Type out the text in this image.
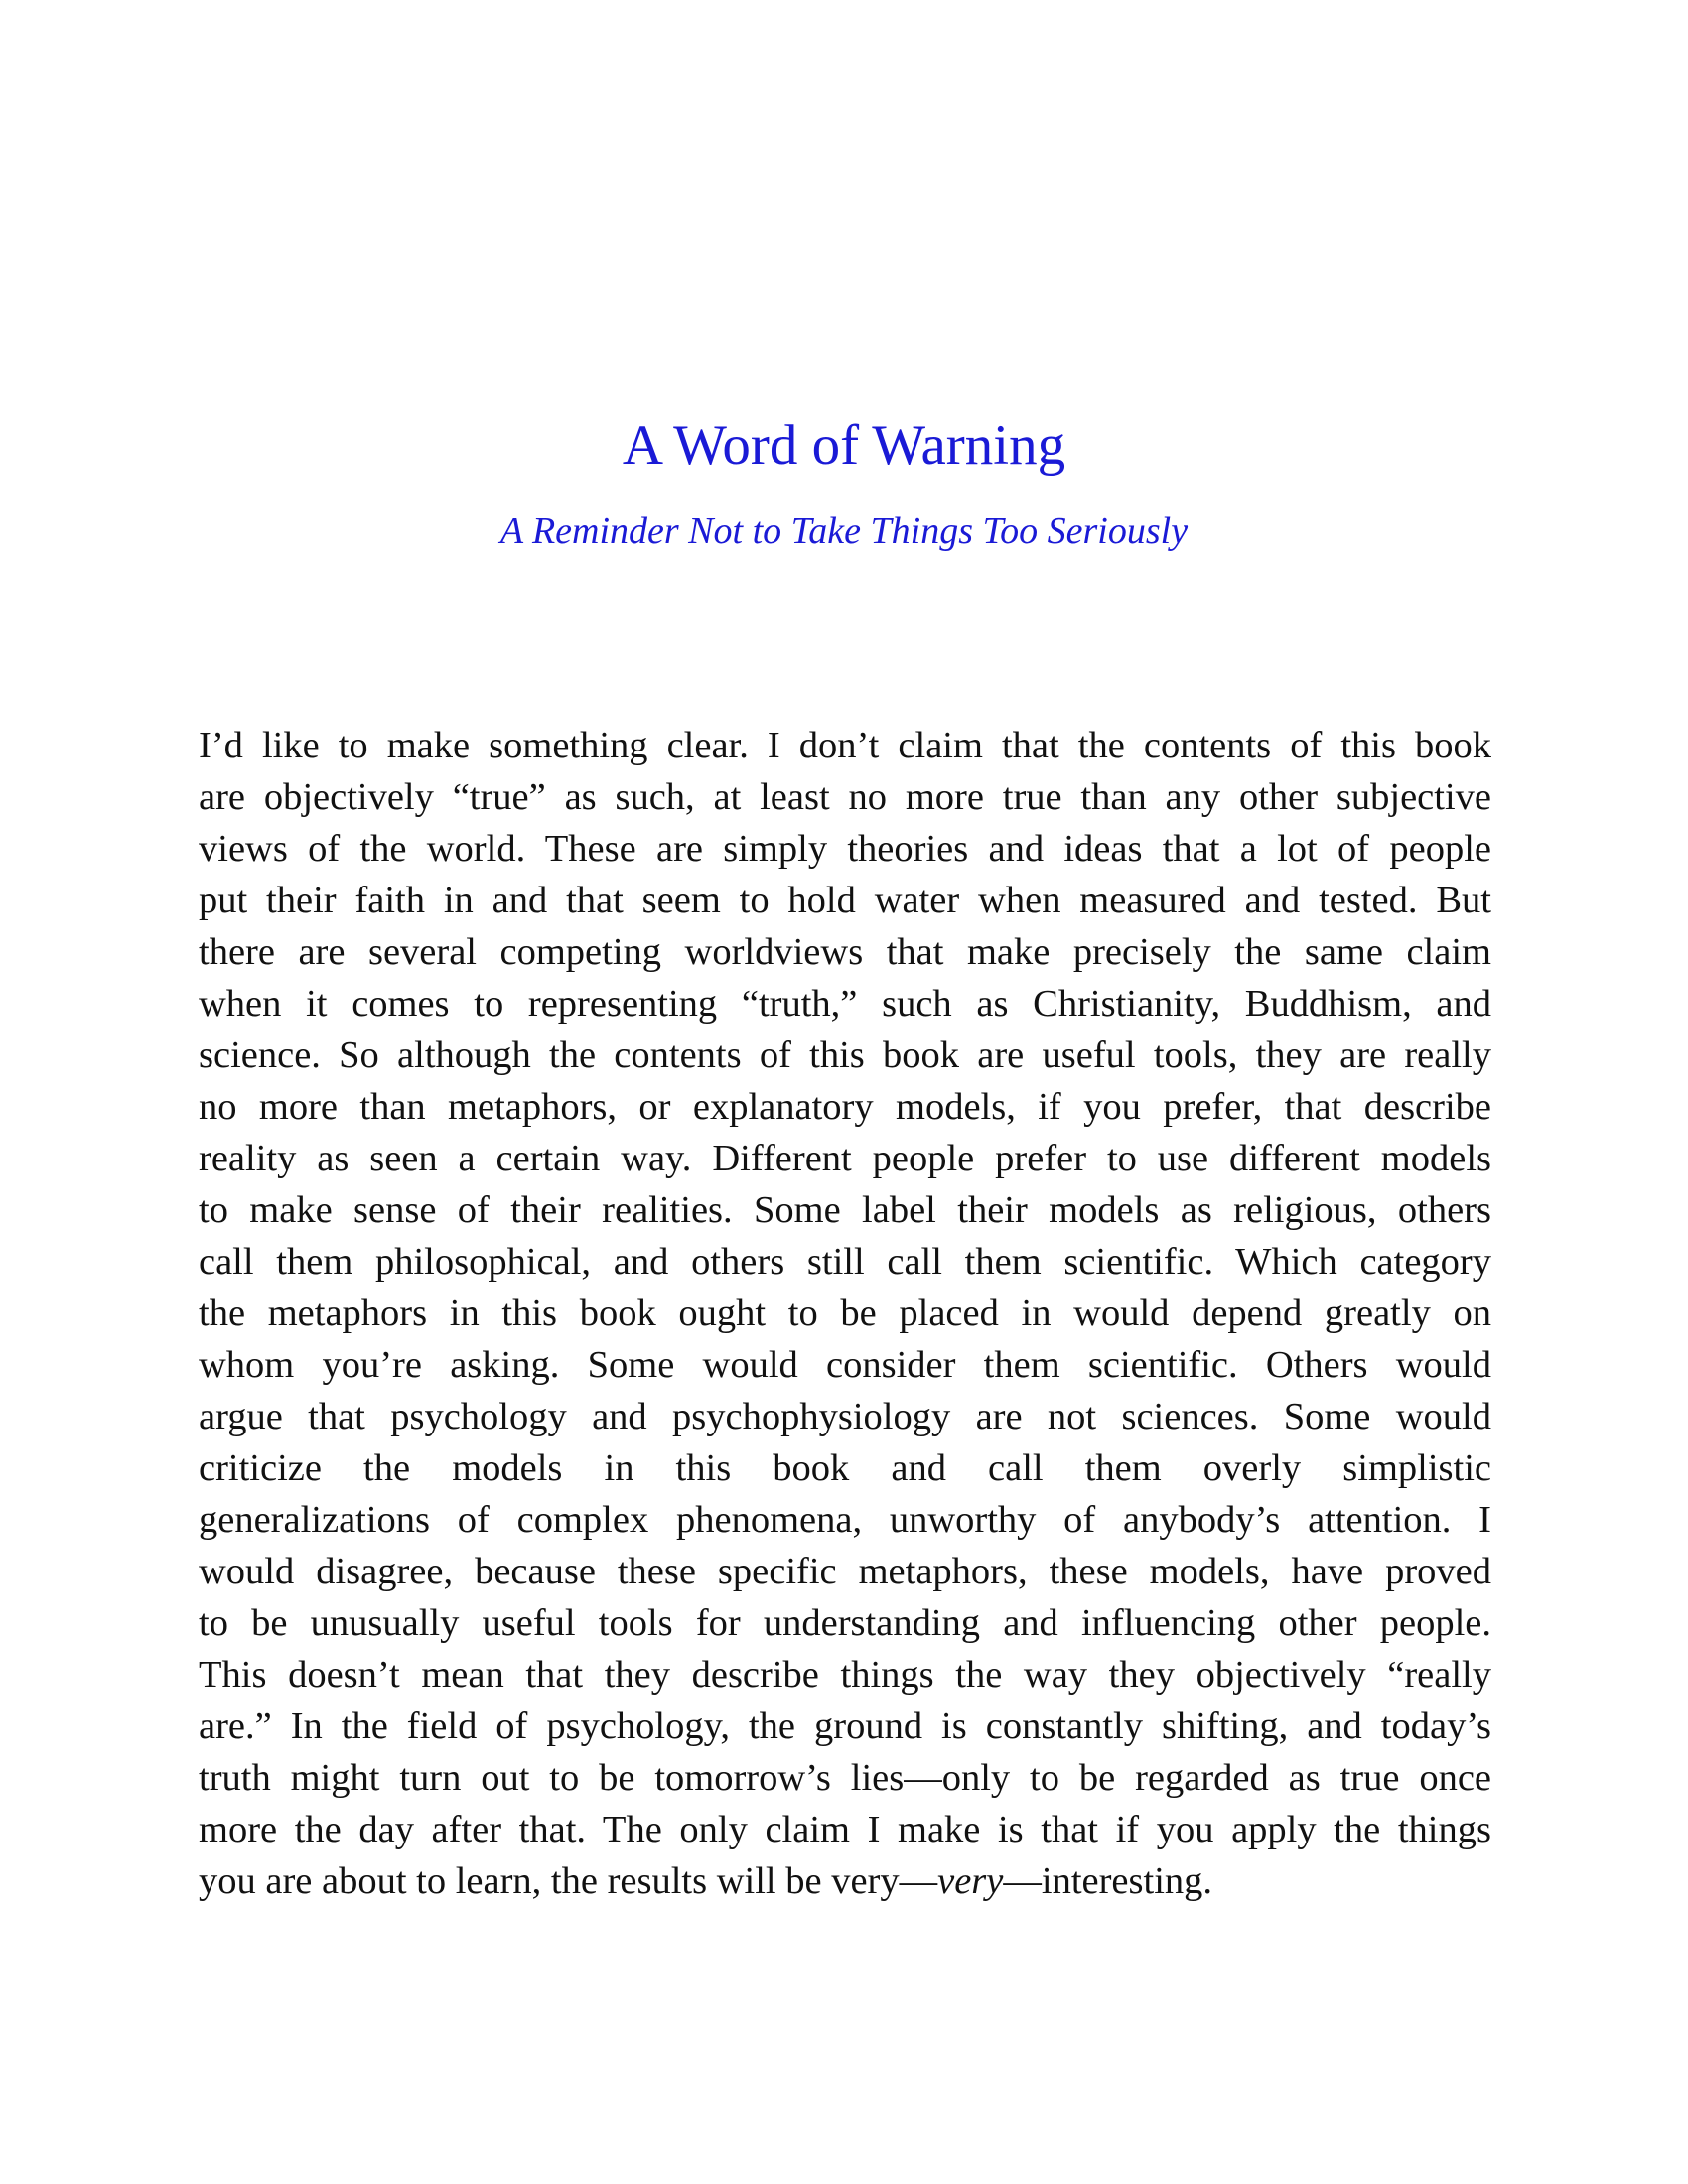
A Word of Warning

A Reminder Not to Take Things Too Seriously

I’d like to make something clear. I don’t claim that the contents of this book
are objectively “true” as such, at least no more true than any other subjective
views of the world. These are simply theories and ideas that a lot of people
put their faith in and that seem to hold water when measured and tested. But
there are several competing worldviews that make precisely the same claim
when it comes to representing “truth,” such as Christianity, Buddhism, and
science. So although the contents of this book are useful tools, they are really
no more than metaphors, or explanatory models, if you prefer, that describe
reality as seen a certain way. Different people prefer to use different models
to make sense of their realities. Some label their models as religious, others
call them philosophical, and others still call them scientific. Which category
the metaphors in this book ought to be placed in would depend greatly on
whom you’re asking. Some would consider them scientific. Others would
argue that psychology and psychophysiology are not sciences. Some would
criticize the models in this book and call them overly simplistic
generalizations of complex phenomena, unworthy of anybody’s attention. I
would disagree, because these specific metaphors, these models, have proved
to be unusually useful tools for understanding and influencing other people.
This doesn’t mean that they describe things the way they objectively “really
are.” In the field of psychology, the ground is constantly shifting, and today’s
truth might turn out to be tomorrow’s lies—only to be regarded as true once
more the day after that. The only claim I make is that if you apply the things
you are about to learn, the results will be very—very—interesting.
